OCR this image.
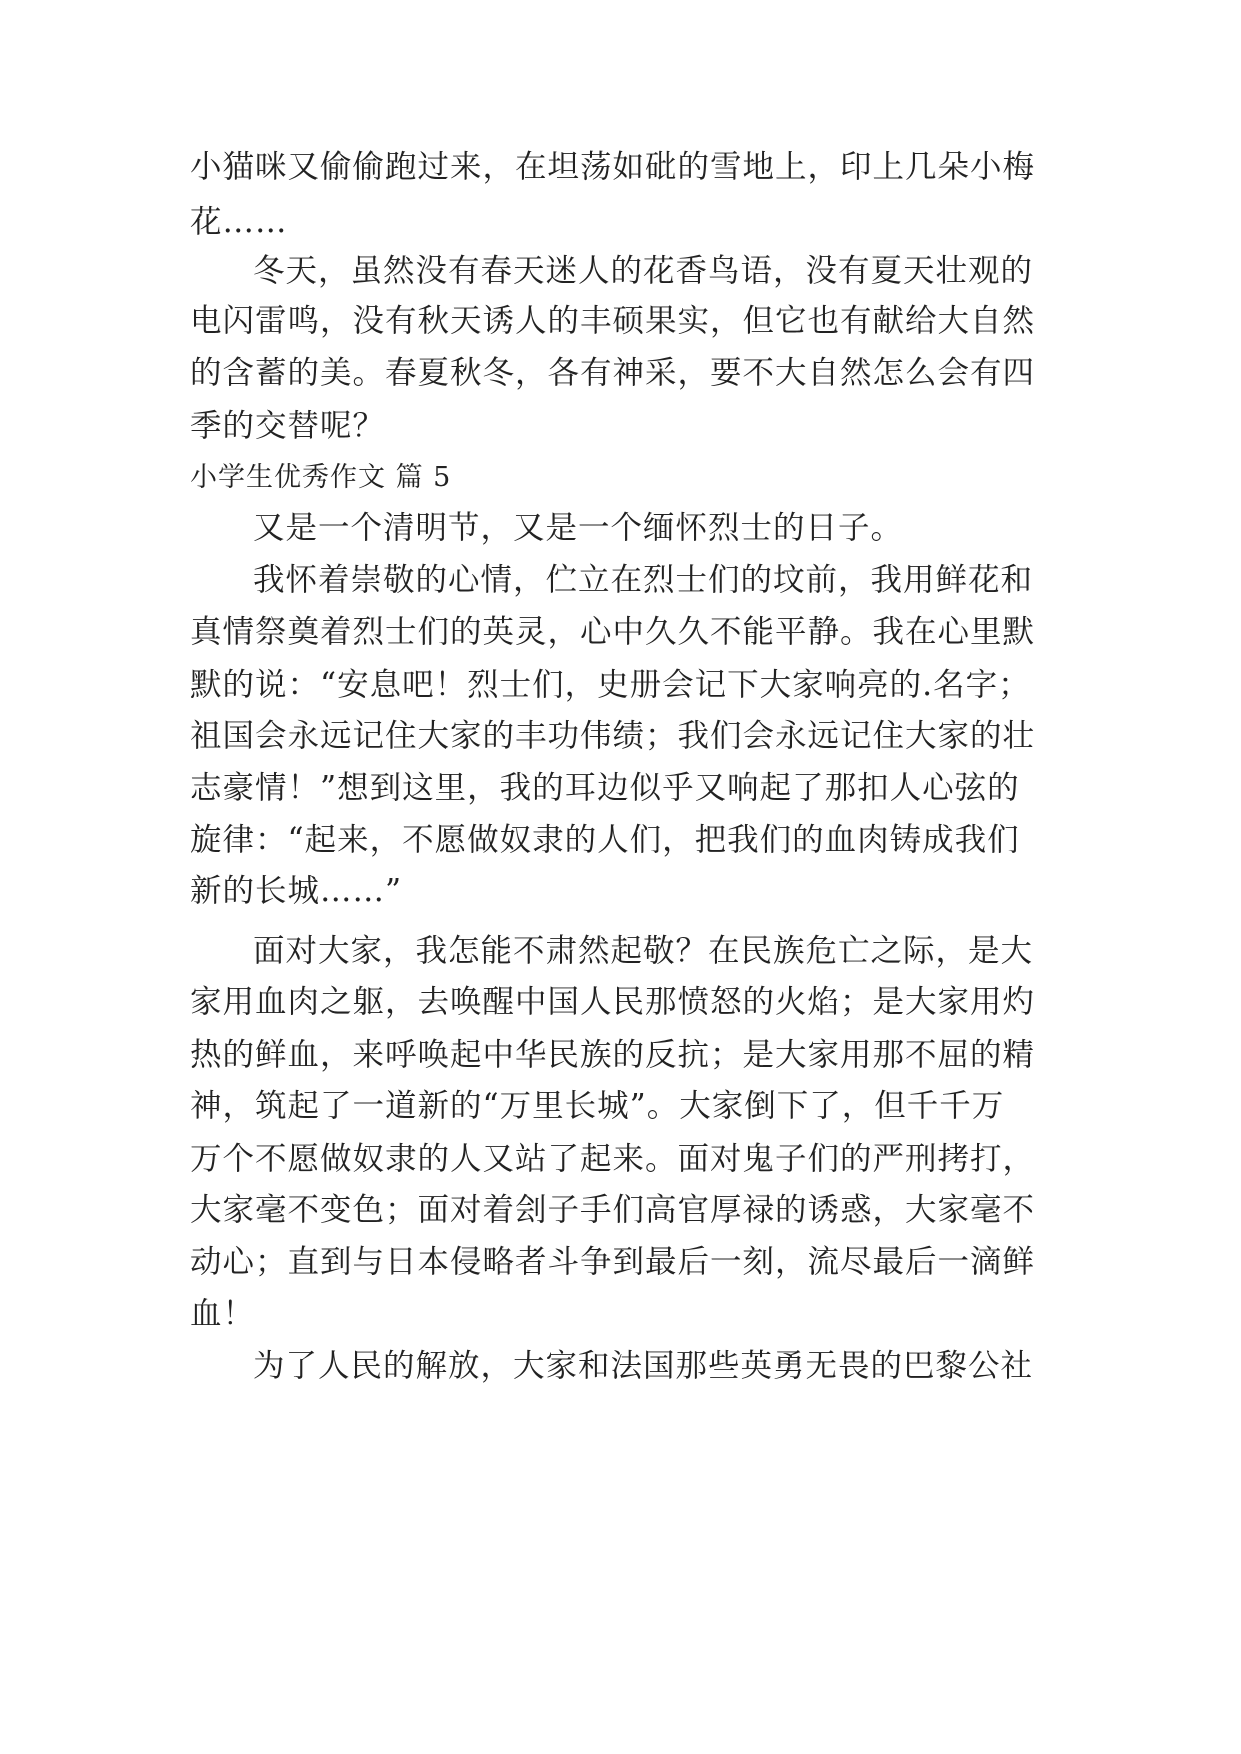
小猫咪又偷偷跑过来，在坦荡如砒的雪地上，印上几朵小梅

花……

冬天，虽然没有春天迷人的花香鸟语，没有夏天壮观的

电闪雷鸣，没有秋天诱人的丰硕果实，但它也有献给大自然

的含蓄的美。春夏秋冬，各有神采，要不大自然怎么会有四

季的交替呢？

小学生优秀作文 篇 5

又是一个清明节，又是一个缅怀烈士的日子。

我怀着崇敬的心情，伫立在烈士们的坟前，我用鲜花和

真情祭奠着烈士们的英灵，心中久久不能平静。我在心里默

默的说：“安息吧！烈士们，史册会记下大家响亮的.名字；

祖国会永远记住大家的丰功伟绩；我们会永远记住大家的壮

志豪情！”想到这里，我的耳边似乎又响起了那扣人心弦的

旋律：“起来，不愿做奴隶的人们，把我们的血肉铸成我们

新的长城……”

面对大家，我怎能不肃然起敬？在民族危亡之际，是大

家用血肉之躯，去唤醒中国人民那愤怒的火焰；是大家用灼

热的鲜血，来呼唤起中华民族的反抗；是大家用那不屈的精

神，筑起了一道新的“万里长城”。大家倒下了，但千千万

万个不愿做奴隶的人又站了起来。面对鬼子们的严刑拷打，

大家毫不变色；面对着刽子手们高官厚禄的诱惑，大家毫不

动心；直到与日本侵略者斗争到最后一刻，流尽最后一滴鲜

血！

为了人民的解放，大家和法国那些英勇无畏的巴黎公社
